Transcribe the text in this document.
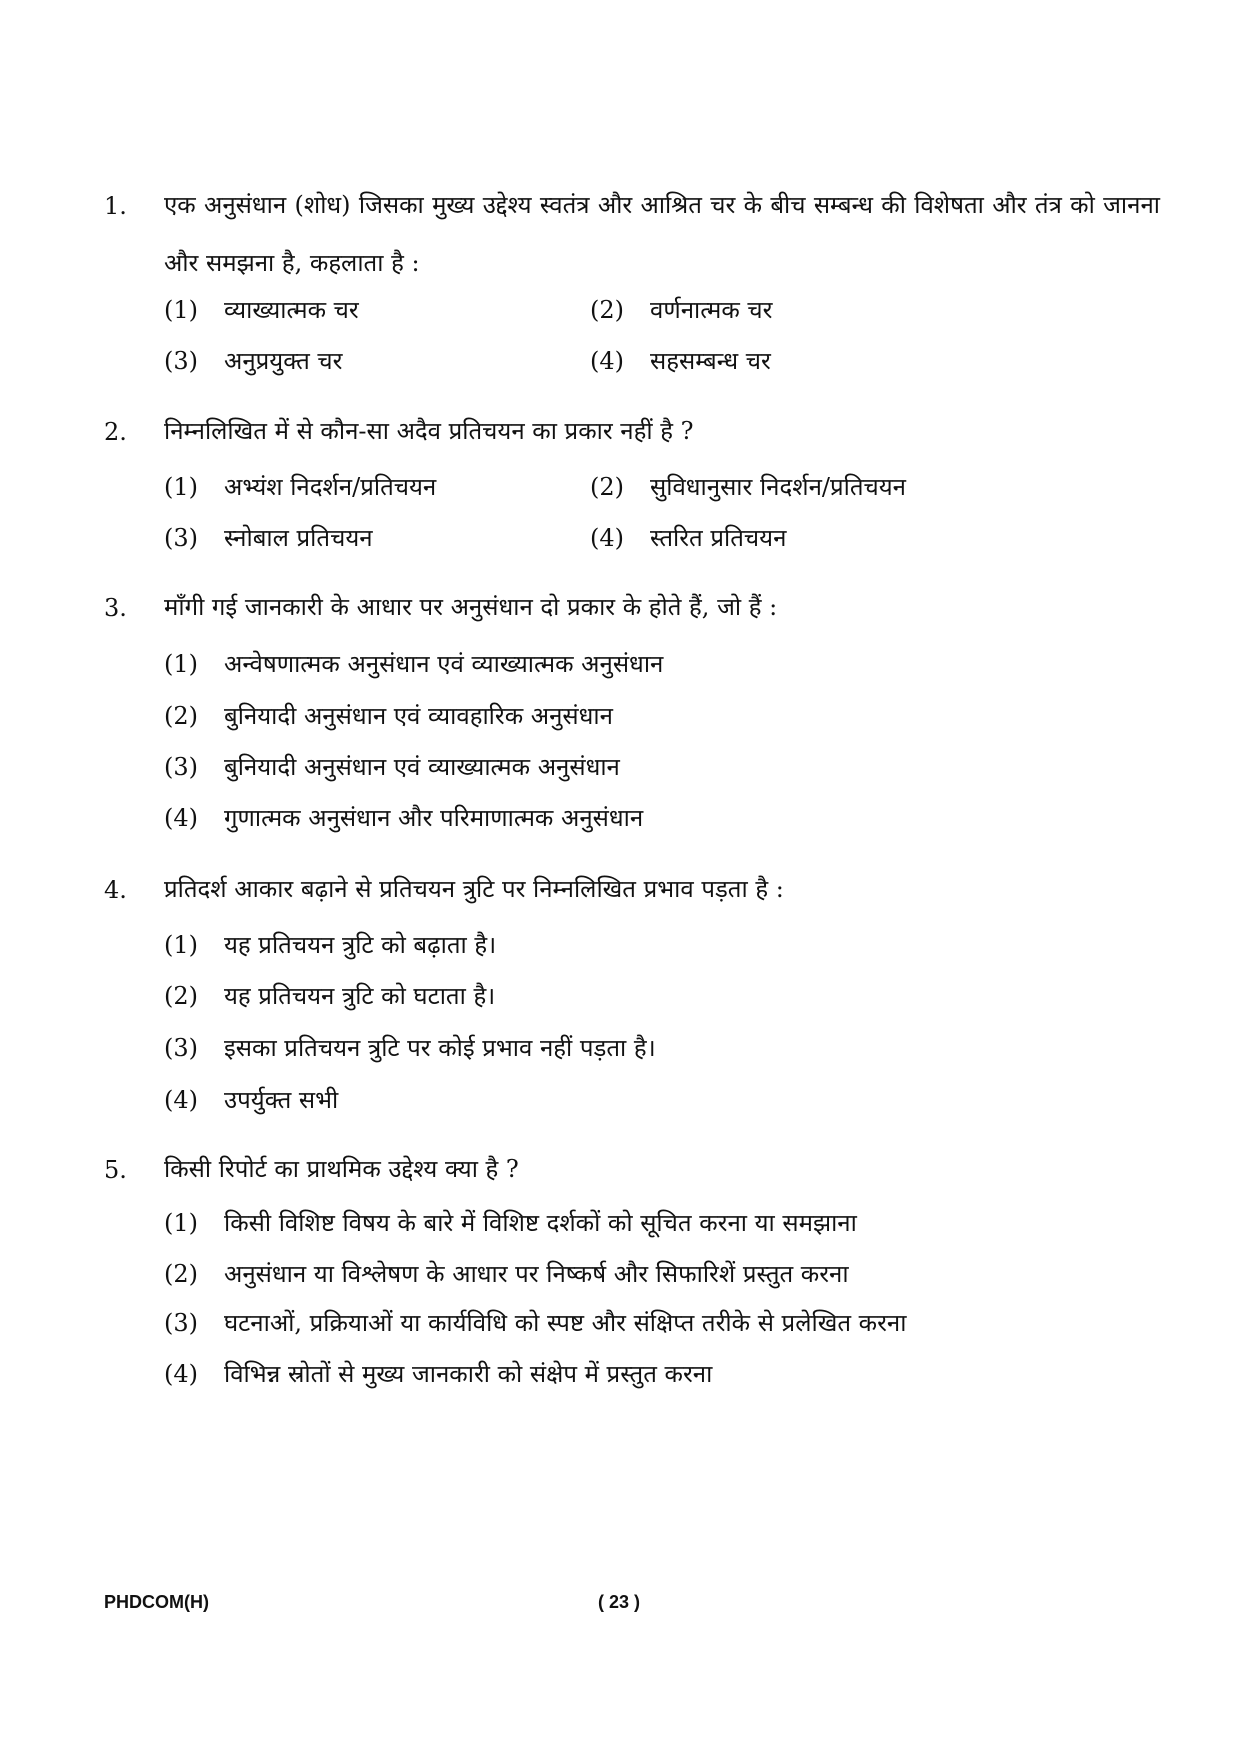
1. एक अनुसंधान (शोध) जिसका मुख्य उद्देश्य स्वतंत्र और आश्रित चर के बीच सम्बन्ध की विशेषता और तंत्र को जानना और समझना है, कहलाता है :
(1) व्याख्यात्मक चर	(2) वर्णनात्मक चर
(3) अनुप्रयुक्त चर	(4) सहसम्बन्ध चर
2. निम्नलिखित में से कौन-सा अदैव प्रतिचयन का प्रकार नहीं है ?
(1) अभ्यंश निदर्शन/प्रतिचयन	(2) सुविधानुसार निदर्शन/प्रतिचयन
(3) स्नोबाल प्रतिचयन	(4) स्तरित प्रतिचयन
3. माँगी गई जानकारी के आधार पर अनुसंधान दो प्रकार के होते हैं, जो हैं :
(1) अन्वेषणात्मक अनुसंधान एवं व्याख्यात्मक अनुसंधान
(2) बुनियादी अनुसंधान एवं व्यावहारिक अनुसंधान
(3) बुनियादी अनुसंधान एवं व्याख्यात्मक अनुसंधान
(4) गुणात्मक अनुसंधान और परिमाणात्मक अनुसंधान
4. प्रतिदर्श आकार बढ़ाने से प्रतिचयन त्रुटि पर निम्नलिखित प्रभाव पड़ता है :
(1) यह प्रतिचयन त्रुटि को बढ़ाता है।
(2) यह प्रतिचयन त्रुटि को घटाता है।
(3) इसका प्रतिचयन त्रुटि पर कोई प्रभाव नहीं पड़ता है।
(4) उपर्युक्त सभी
5. किसी रिपोर्ट का प्राथमिक उद्देश्य क्या है ?
(1) किसी विशिष्ट विषय के बारे में विशिष्ट दर्शकों को सूचित करना या समझाना
(2) अनुसंधान या विश्लेषण के आधार पर निष्कर्ष और सिफारिशें प्रस्तुत करना
(3) घटनाओं, प्रक्रियाओं या कार्यविधि को स्पष्ट और संक्षिप्त तरीके से प्रलेखित करना
(4) विभिन्न स्रोतों से मुख्य जानकारी को संक्षेप में प्रस्तुत करना
PHDCOM(H)	( 23 )
